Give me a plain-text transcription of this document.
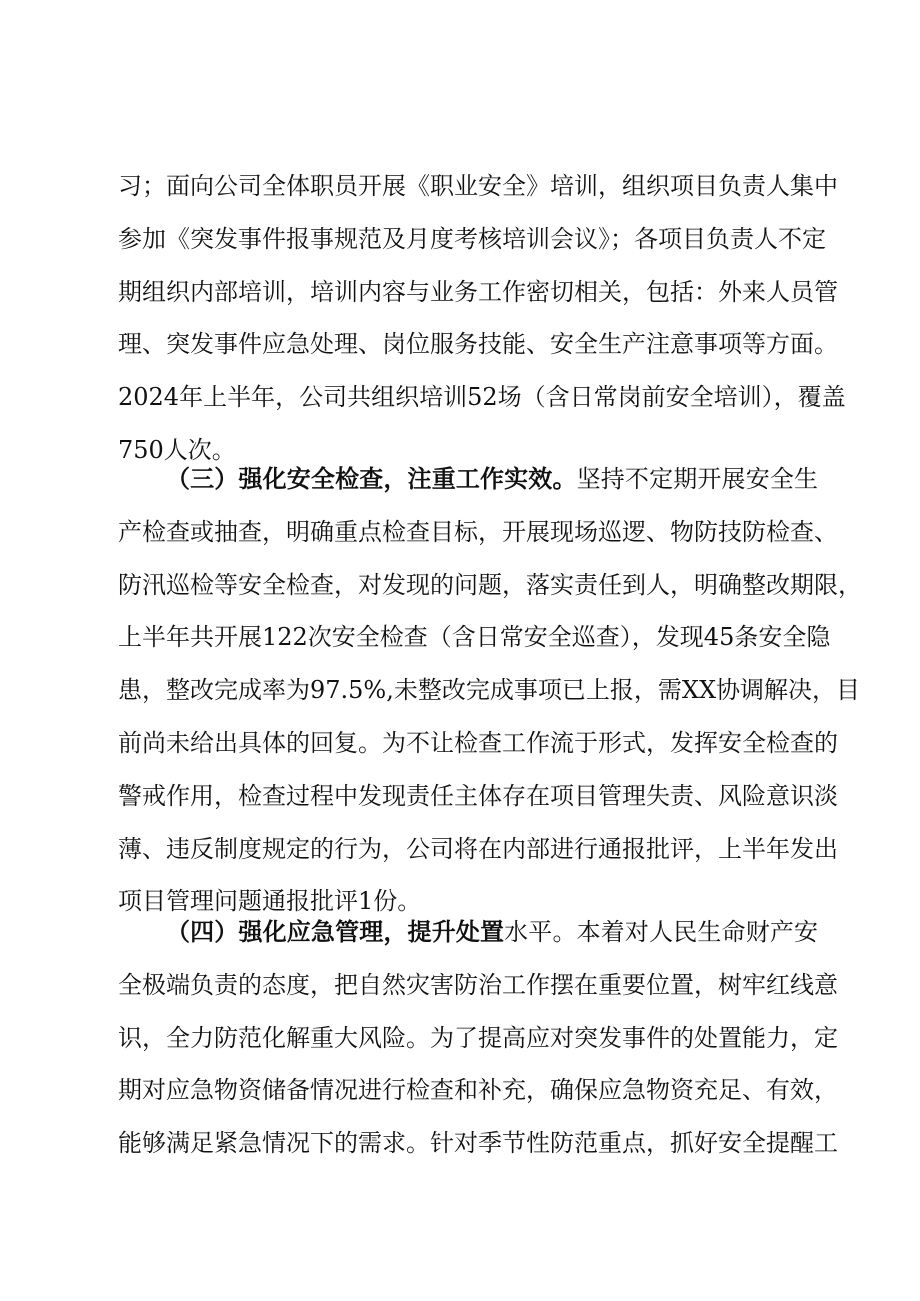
习；面向公司全体职员开展《职业安全》培训，组织项目负责人集中
参加《突发事件报事规范及月度考核培训会议》；各项目负责人不定
期组织内部培训，培训内容与业务工作密切相关，包括：外来人员管
理、突发事件应急处理、岗位服务技能、安全生产注意事项等方面。
2024年上半年，公司共组织培训52场（含日常岗前安全培训），覆盖
750人次。
（三）强化安全检查，注重工作实效。坚持不定期开展安全生
产检查或抽查，明确重点检查目标，开展现场巡逻、物防技防检查、
防汛巡检等安全检查，对发现的问题，落实责任到人，明确整改期限，
上半年共开展122次安全检查（含日常安全巡查），发现45条安全隐
患，整改完成率为97.5%,未整改完成事项已上报，需XX协调解决，目
前尚未给出具体的回复。为不让检查工作流于形式，发挥安全检查的
警戒作用，检查过程中发现责任主体存在项目管理失责、风险意识淡
薄、违反制度规定的行为，公司将在内部进行通报批评，上半年发出
项目管理问题通报批评1份。
（四）强化应急管理，提升处置水平。本着对人民生命财产安
全极端负责的态度，把自然灾害防治工作摆在重要位置，树牢红线意
识，全力防范化解重大风险。为了提高应对突发事件的处置能力，定
期对应急物资储备情况进行检查和补充，确保应急物资充足、有效，
能够满足紧急情况下的需求。针对季节性防范重点，抓好安全提醒工
